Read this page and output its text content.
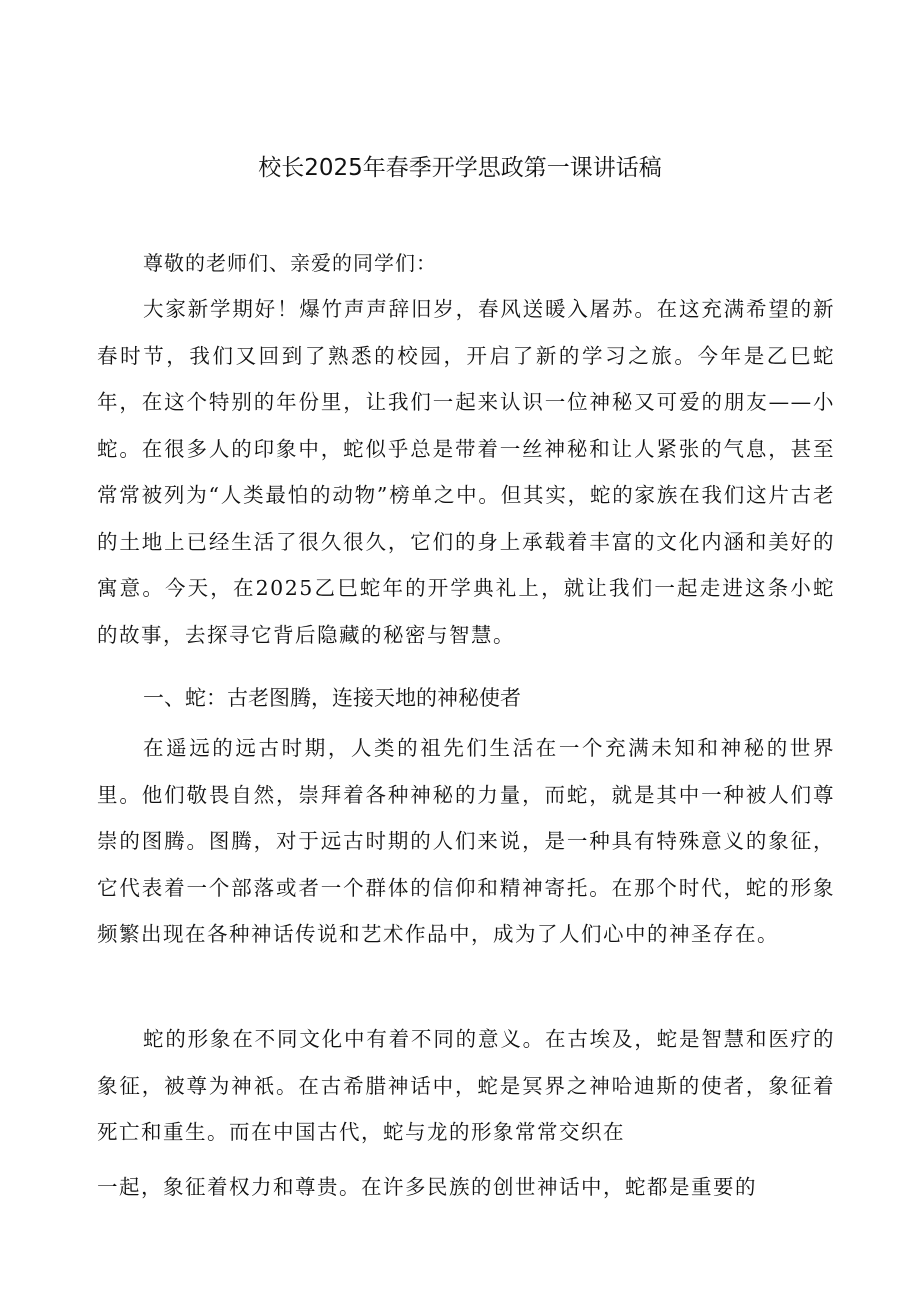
校长2025年春季开学思政第一课讲话稿

尊敬的老师们、亲爱的同学们：

大家新学期好！爆竹声声辞旧岁，春风送暖入屠苏。在这充满希望的新春时节，我们又回到了熟悉的校园，开启了新的学习之旅。今年是乙巳蛇年，在这个特别的年份里，让我们一起来认识一位神秘又可爱的朋友——小蛇。在很多人的印象中，蛇似乎总是带着一丝神秘和让人紧张的气息，甚至常常被列为“人类最怕的动物”榜单之中。但其实，蛇的家族在我们这片古老的土地上已经生活了很久很久，它们的身上承载着丰富的文化内涵和美好的寓意。今天，在2025乙巳蛇年的开学典礼上，就让我们一起走进这条小蛇的故事，去探寻它背后隐藏的秘密与智慧。

一、蛇：古老图腾，连接天地的神秘使者

在遥远的远古时期，人类的祖先们生活在一个充满未知和神秘的世界里。他们敬畏自然，崇拜着各种神秘的力量，而蛇，就是其中一种被人们尊崇的图腾。图腾，对于远古时期的人们来说，是一种具有特殊意义的象征，它代表着一个部落或者一个群体的信仰和精神寄托。在那个时代，蛇的形象频繁出现在各种神话传说和艺术作品中，成为了人们心中的神圣存在。

蛇的形象在不同文化中有着不同的意义。在古埃及，蛇是智慧和医疗的象征，被尊为神祇。在古希腊神话中，蛇是冥界之神哈迪斯的使者，象征着死亡和重生。而在中国古代，蛇与龙的形象常常交织在

一起，象征着权力和尊贵。在许多民族的创世神话中，蛇都是重要的
